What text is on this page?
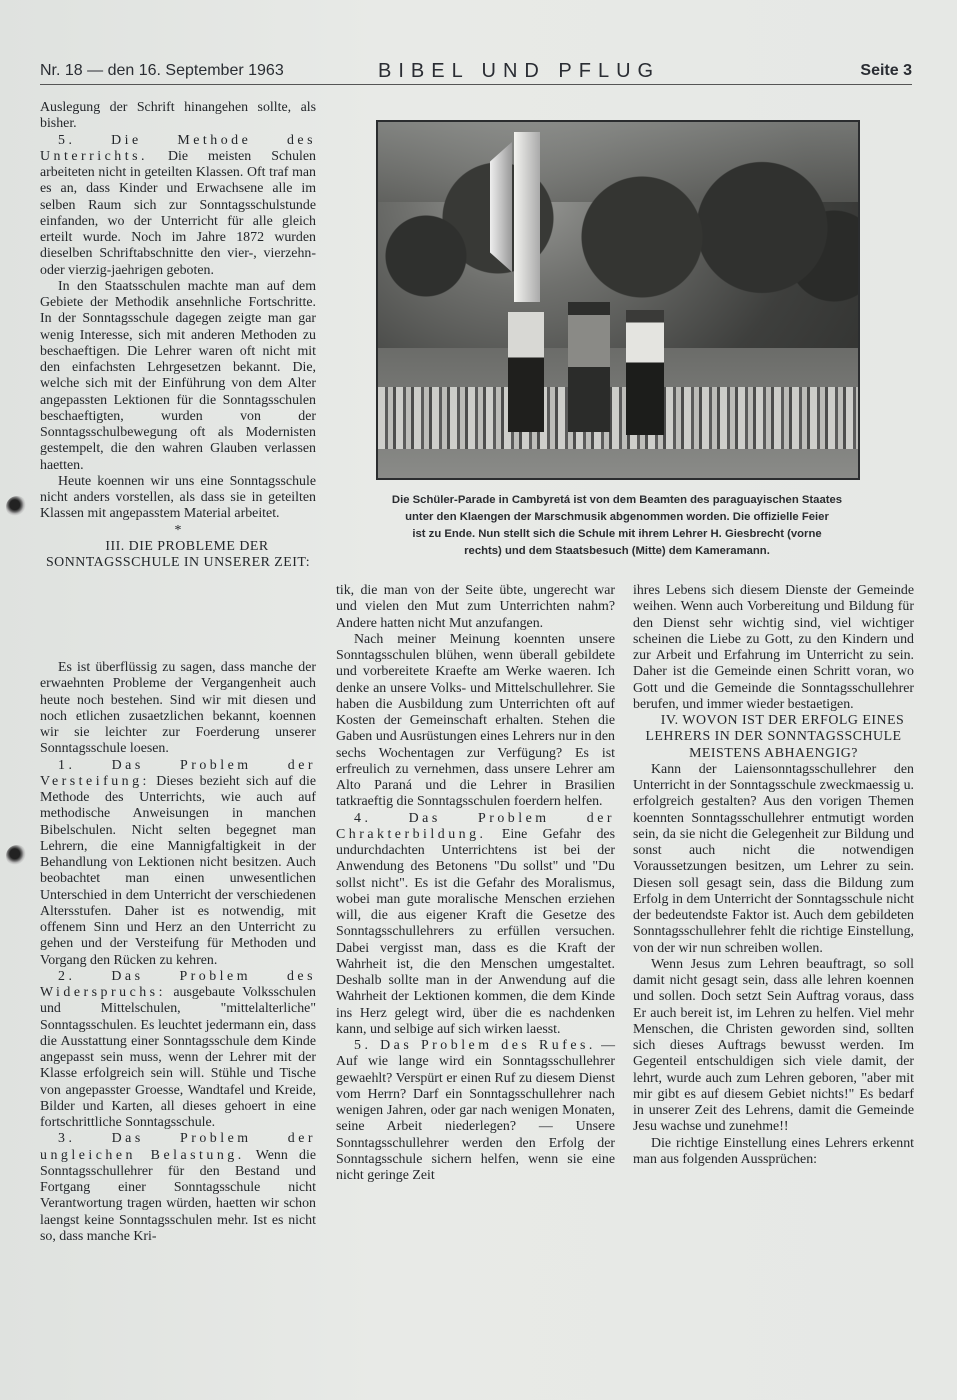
Nr. 18 — den 16. September 1963	BIBEL UND PFLUG	Seite 3

Auslegung der Schrift hinangehen sollte, als bisher.

5. Die Methode des Unterrichts. Die meisten Schulen arbeiteten nicht in geteilten Klassen. Oft traf man es an, dass Kinder und Erwachsene alle im selben Raum sich zur Sonntagsschulstunde einfanden, wo der Unterricht für alle gleich erteilt wurde. Noch im Jahre 1872 wurden dieselben Schriftabschnitte den vier-, vierzehn- oder vierzig-jaehrigen geboten.

In den Staatsschulen machte man auf dem Gebiete der Methodik ansehnliche Fortschritte. In der Sonntagsschule dagegen zeigte man gar wenig Interesse, sich mit anderen Methoden zu beschaeftigen. Die Lehrer waren oft nicht mit den einfachsten Lehrgesetzen bekannt. Die, welche sich mit der Einführung von dem Alter angepassten Lektionen für die Sonntagsschulen beschaeftigten, wurden von der Sonntagsschulbewegung oft als Modernisten gestempelt, die den wahren Glauben verlassen haetten.

Heute koennen wir uns eine Sonntagsschule nicht anders vorstellen, als dass sie in geteilten Klassen mit angepasstem Material arbeitet.

*

III. DIE PROBLEME DER SONNTAGSSCHULE IN UNSERER ZEIT:

Es ist überflüssig zu sagen, dass manche der erwaehnten Probleme der Vergangenheit auch heute noch bestehen. Sind wir mit diesen und noch etlichen zusaetzlichen bekannt, koennen wir sie leichter zur Foerderung unserer Sonntagsschule loesen.

1. Das Problem der Versteifung: Dieses bezieht sich auf die Methode des Unterrichts, wie auch auf methodische Anweisungen in manchen Bibelschulen. Nicht selten begegnet man Lehrern, die eine Mannigfaltigkeit in der Behandlung von Lektionen nicht besitzen. Auch beobachtet man einen unwesentlichen Unterschied in dem Unterricht der verschiedenen Altersstufen. Daher ist es notwendig, mit offenem Sinn und Herz an den Unterricht zu gehen und der Versteifung für Methoden und Vorgang den Rücken zu kehren.

2. Das Problem des Widerspruchs: ausgebaute Volksschulen und Mittelschulen, "mittelalterliche" Sonntagsschulen. Es leuchtet jedermann ein, dass die Ausstattung einer Sonntagsschule dem Kinde angepasst sein muss, wenn der Lehrer mit der Klasse erfolgreich sein will. Stühle und Tische von angepasster Groesse, Wandtafel und Kreide, Bilder und Karten, all dieses gehoert in eine fortschrittliche Sonntagsschule.

3. Das Problem der ungleichen Belastung. Wenn die Sonntagsschullehrer für den Bestand und Fortgang einer Sonntagsschule nicht Verantwortung tragen würden, haetten wir schon laengst keine Sonntagsschulen mehr. Ist es nicht so, dass manche Kri-

Die Schüler-Parade in Cambyretá ist von dem Beamten des paraguayischen Staates
unter den Klaengen der Marschmusik abgenommen worden. Die offizielle Feier
ist zu Ende. Nun stellt sich die Schule mit ihrem Lehrer H. Giesbrecht (vorne
rechts) und dem Staatsbesuch (Mitte) dem Kameramann.

tik, die man von der Seite übte, ungerecht war und vielen den Mut zum Unterrichten nahm? Andere hatten nicht Mut anzufangen.

Nach meiner Meinung koennten unsere Sonntagsschulen blühen, wenn überall gebildete und vorbereitete Kraefte am Werke waeren. Ich denke an unsere Volks- und Mittelschullehrer. Sie haben die Ausbildung zum Unterrichten oft auf Kosten der Gemeinschaft erhalten. Stehen die Gaben und Ausrüstungen eines Lehrers nur in den sechs Wochentagen zur Verfügung? Es ist erfreulich zu vernehmen, dass unsere Lehrer am Alto Paraná und die Lehrer in Brasilien tatkraeftig die Sonntagsschulen foerdern helfen.

4. Das Problem der Chrakterbildung. Eine Gefahr des undurchdachten Unterrichtens ist bei der Anwendung des Betonens "Du sollst" und "Du sollst nicht". Es ist die Gefahr des Moralismus, wobei man gute moralische Menschen erziehen will, die aus eigener Kraft die Gesetze des Sonntagsschullehrers zu erfüllen versuchen. Dabei vergisst man, dass es die Kraft der Wahrheit ist, die den Menschen umgestaltet. Deshalb sollte man in der Anwendung auf die Wahrheit der Lektionen kommen, die dem Kinde ins Herz gelegt wird, über die es nachdenken kann, und selbige auf sich wirken laesst.

5. Das Problem des Rufes. — Auf wie lange wird ein Sonntagsschullehrer gewaehlt? Verspürt er einen Ruf zu diesem Dienst vom Herrn? Darf ein Sonntagsschullehrer nach wenigen Jahren, oder gar nach wenigen Monaten, seine Arbeit niederlegen? — Unsere Sonntagsschullehrer werden den Erfolg der Sonntagsschule sichern helfen, wenn sie eine nicht geringe Zeit

ihres Lebens sich diesem Dienste der Gemeinde weihen. Wenn auch Vorbereitung und Bildung für den Dienst sehr wichtig sind, viel wichtiger scheinen die Liebe zu Gott, zu den Kindern und zur Arbeit und Erfahrung im Unterricht zu sein. Daher ist die Gemeinde einen Schritt voran, wo Gott und die Gemeinde die Sonntagsschullehrer berufen, und immer wieder bestaetigen.

IV. WOVON IST DER ERFOLG EINES LEHRERS IN DER SONNTAGSSCHULE MEISTENS ABHAENGIG?

Kann der Laiensonntagsschullehrer den Unterricht in der Sonntagsschule zweckmaessig u. erfolgreich gestalten? Aus den vorigen Themen koennten Sonntagsschullehrer entmutigt worden sein, da sie nicht die Gelegenheit zur Bildung und sonst auch nicht die notwendigen Voraussetzungen besitzen, um Lehrer zu sein. Diesen soll gesagt sein, dass die Bildung zum Erfolg in dem Unterricht der Sonntagsschule nicht der bedeutendste Faktor ist. Auch dem gebildeten Sonntagsschullehrer fehlt die richtige Einstellung, von der wir nun schreiben wollen.

Wenn Jesus zum Lehren beauftragt, so soll damit nicht gesagt sein, dass alle lehren koennen und sollen. Doch setzt Sein Auftrag voraus, dass Er auch bereit ist, im Lehren zu helfen. Viel mehr Menschen, die Christen geworden sind, sollten sich dieses Auftrags bewusst werden. Im Gegenteil entschuldigen sich viele damit, der lehrt, wurde auch zum Lehren geboren, "aber mit mir gibt es auf diesem Gebiet nichts!" Es bedarf in unserer Zeit des Lehrens, damit die Gemeinde Jesu wachse und zunehme!!

Die richtige Einstellung eines Lehrers erkennt man aus folgenden Aussprüchen:
